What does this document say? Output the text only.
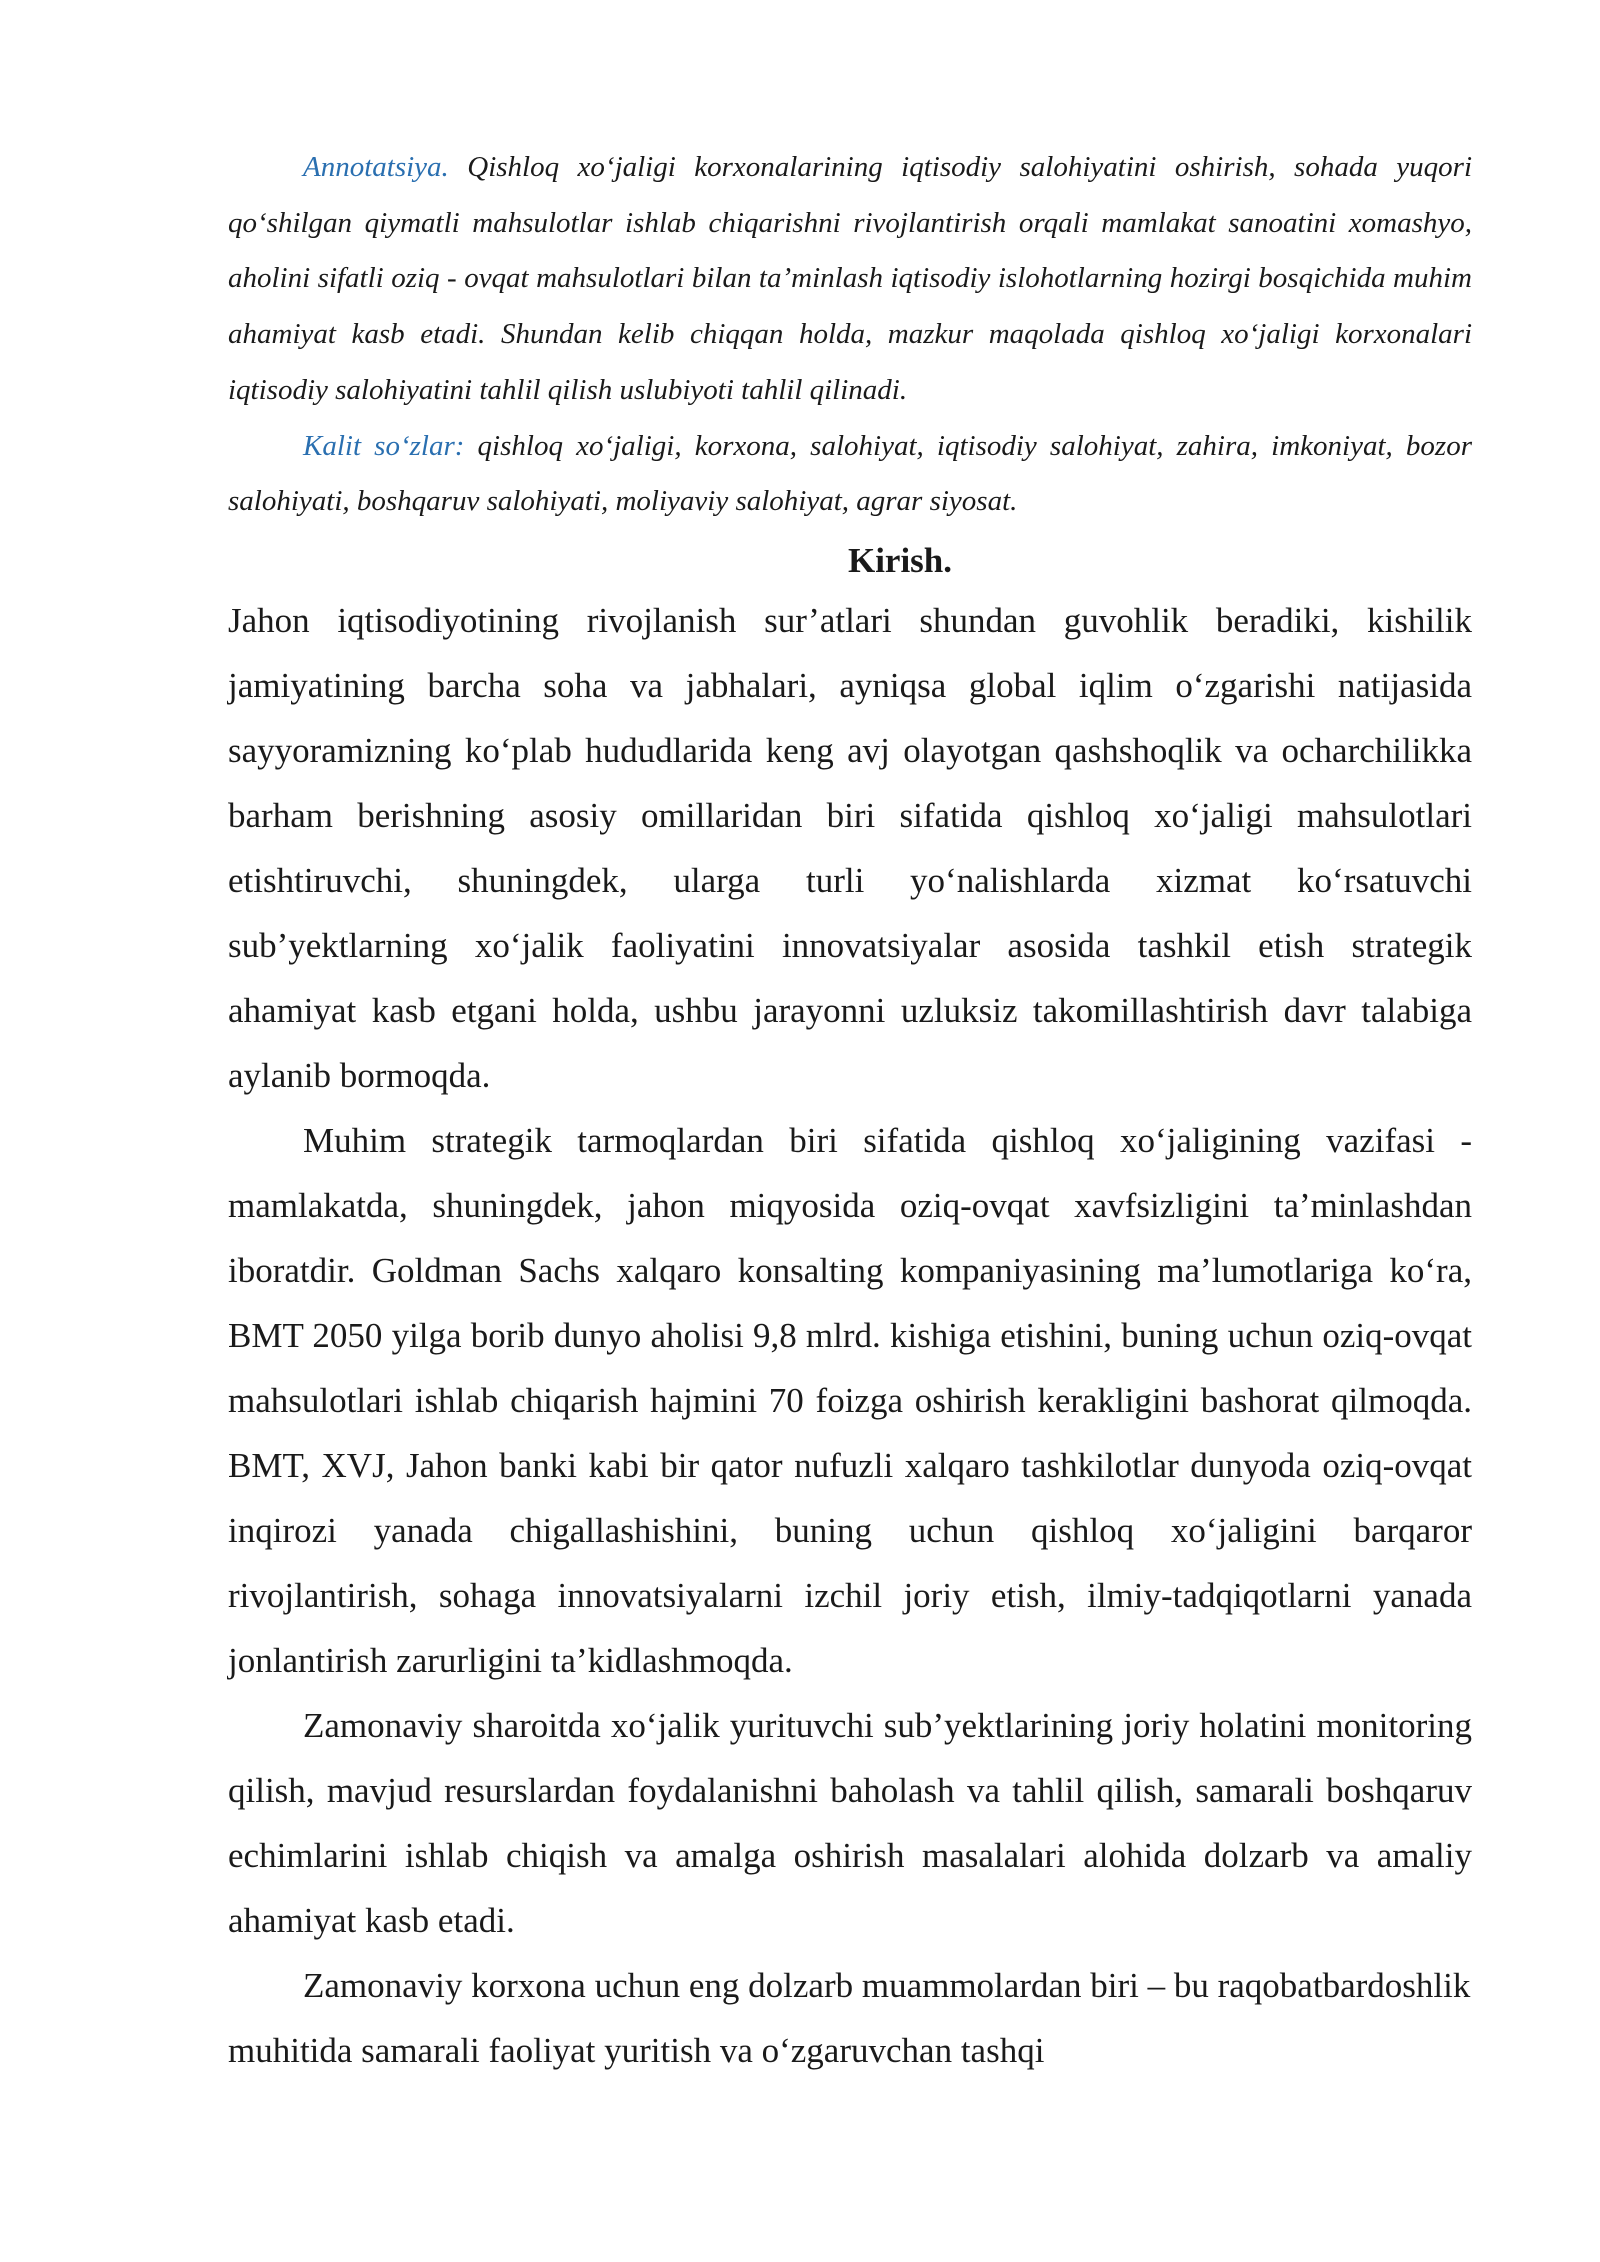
Annotatsiya. Qishloq xo‘jaligi korxonalarining iqtisodiy salohiyatini oshirish, sohada yuqori qo‘shilgan qiymatli mahsulotlar ishlab chiqarishni rivojlantirish orqali mamlakat sanoatini xomashyo, aholini sifatli oziq - ovqat mahsulotlari bilan ta’minlash iqtisodiy islohotlarning hozirgi bosqichida muhim ahamiyat kasb etadi. Shundan kelib chiqqan holda, mazkur maqolada qishloq xo‘jaligi korxonalari iqtisodiy salohiyatini tahlil qilish uslubiyoti tahlil qilinadi.

Kalit so‘zlar: qishloq xo‘jaligi, korxona, salohiyat, iqtisodiy salohiyat, zahira, imkoniyat, bozor salohiyati, boshqaruv salohiyati, moliyaviy salohiyat, agrar siyosat.

Kirish.

Jahon iqtisodiyotining rivojlanish sur’atlari shundan guvohlik beradiki, kishilik jamiyatining barcha soha va jabhalari, ayniqsa global iqlim o‘zgarishi natijasida sayyoramizning ko‘plab hududlarida keng avj olayotgan qashshoqlik va ocharchilikka barham berishning asosiy omillaridan biri sifatida qishloq xo‘jaligi mahsulotlari etishtiruvchi, shuningdek, ularga turli yo‘nalishlarda xizmat ko‘rsatuvchi sub’yektlarning xo‘jalik faoliyatini innovatsiyalar asosida tashkil etish strategik ahamiyat kasb etgani holda, ushbu jarayonni uzluksiz takomillashtirish davr talabiga aylanib bormoqda.

Muhim strategik tarmoqlardan biri sifatida qishloq xo‘jaligining vazifasi - mamlakatda, shuningdek, jahon miqyosida oziq-ovqat xavfsizligini ta’minlashdan iboratdir. Goldman Sachs xalqaro konsalting kompaniyasining ma’lumotlariga ko‘ra, BMT 2050 yilga borib dunyo aholisi 9,8 mlrd. kishiga etishini, buning uchun oziq-ovqat mahsulotlari ishlab chiqarish hajmini 70 foizga oshirish kerakligini bashorat qilmoqda. BMT, XVJ, Jahon banki kabi bir qator nufuzli xalqaro tashkilotlar dunyoda oziq-ovqat inqirozi yanada chigallashishini, buning uchun qishloq xo‘jaligini barqaror rivojlantirish, sohaga innovatsiyalarni izchil joriy etish, ilmiy-tadqiqotlarni yanada jonlantirish zarurligini ta’kidlashmoqda.

Zamonaviy sharoitda xo‘jalik yurituvchi sub’yektlarining joriy holatini monitoring qilish, mavjud resurslardan foydalanishni baholash va tahlil qilish, samarali boshqaruv echimlarini ishlab chiqish va amalga oshirish masalalari alohida dolzarb va amaliy ahamiyat kasb etadi.

Zamonaviy korxona uchun eng dolzarb muammolardan biri – bu raqobatbardoshlik muhitida samarali faoliyat yuritish va o‘zgaruvchan tashqi
